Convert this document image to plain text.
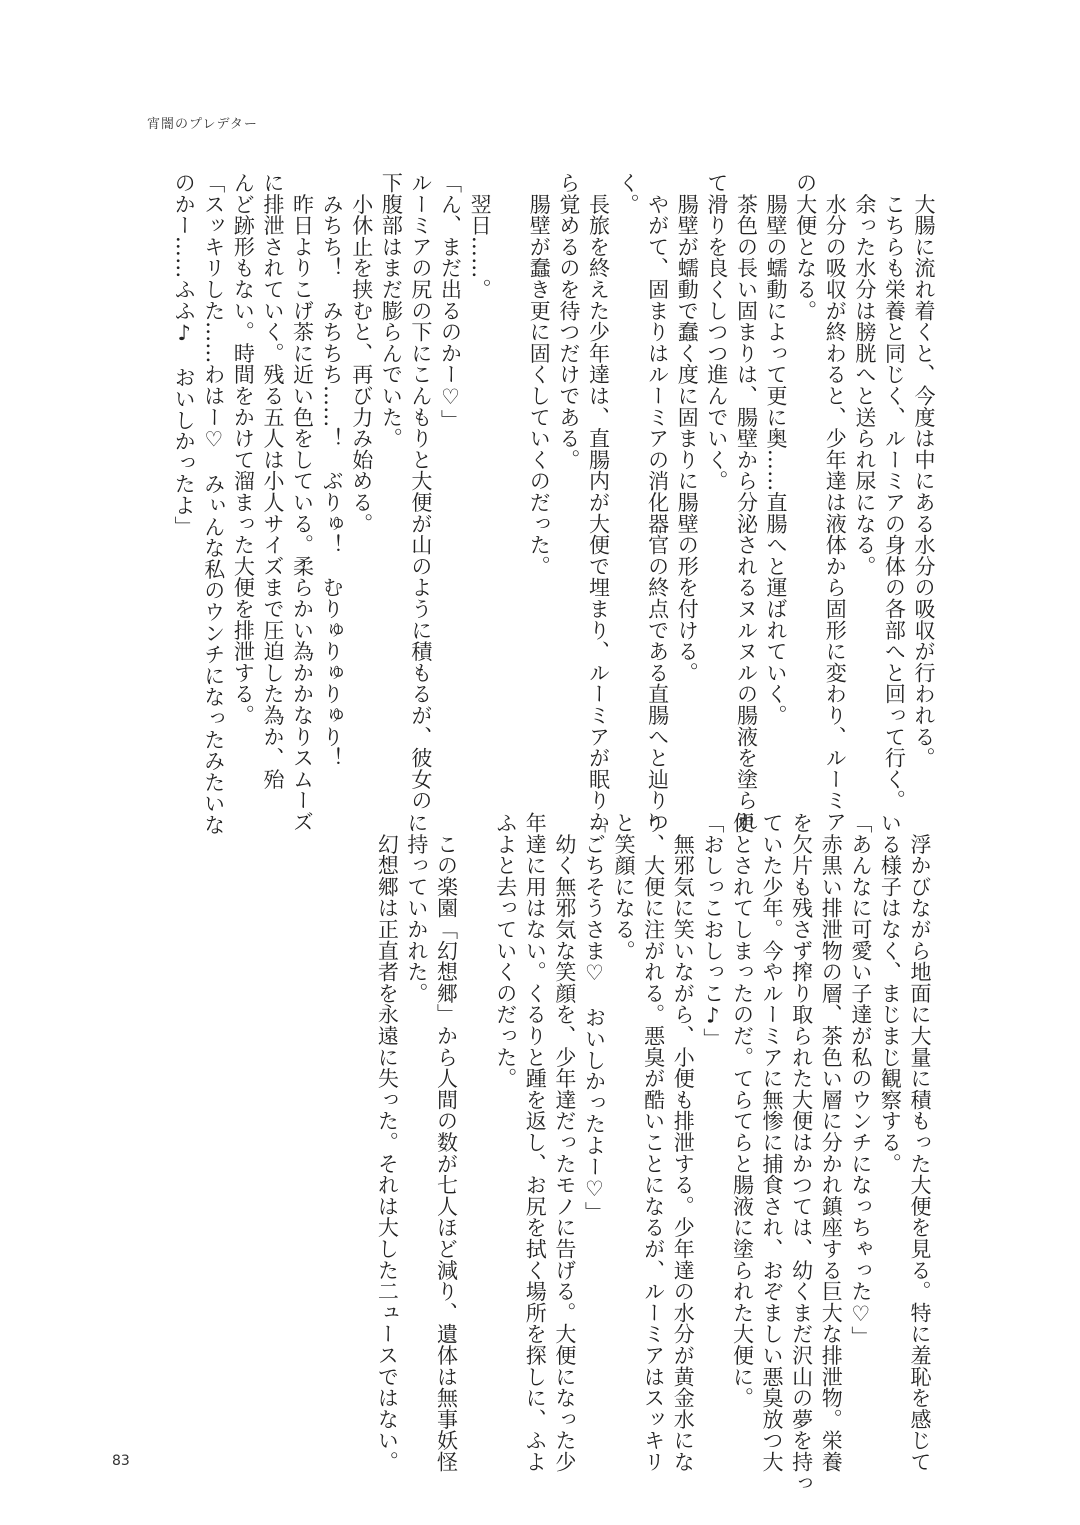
宵闇のプレデター
　大腸に流れ着くと、今度は中にある水分の吸収が行われる。
　こちらも栄養と同じく、ルーミアの身体の各部へと回って行く。
　余った水分は膀胱へと送られ尿になる。
　水分の吸収が終わると、少年達は液体から固形に変わり、ルーミア
の大便となる。
　腸壁の蠕動によって更に奥……直腸へと運ばれていく。
　茶色の長い固まりは、腸壁から分泌されるヌルヌルの腸液を塗られ
て滑りを良くしつつ進んでいく。
　腸壁が蠕動で蠢く度に固まりに腸壁の形を付ける。
　やがて、固まりはルーミアの消化器官の終点である直腸へと辿りつ
く。
　長旅を終えた少年達は、直腸内が大便で埋まり、ルーミアが眠りか
ら覚めるのを待つだけである。
　腸壁が蠢き更に固くしていくのだった。
　翌日……。
「ん、まだ出るのかー♡」
ルーミアの尻の下にこんもりと大便が山のように積もるが、彼女の
下腹部はまだ膨らんでいた。
　小休止を挟むと、再び力み始める。
　みちち！　みちちち……！　ぶりゅ！　むりゅりゅりゅり！
　昨日よりこげ茶に近い色をしている。柔らかい為かかなりスムーズ
に排泄されていく。残る五人は小人サイズまで圧迫した為か、殆
んど跡形もない。時間をかけて溜まった大便を排泄する。
「スッキリした……わはー♡　みぃんな私のウンチになったみたいな
のかー……ふふ♪　おいしかったよ」
　浮かびながら地面に大量に積もった大便を見る。特に羞恥を感じて
いる様子はなく、まじまじ観察する。
「あんなに可愛い子達が私のウンチになっちゃった♡」
　赤黒い排泄物の層、茶色い層に分かれ鎮座する巨大な排泄物。栄養
を欠片も残さず搾り取られた大便はかつては、幼くまだ沢山の夢を持っ
ていた少年。今やルーミアに無惨に捕食され、おぞましい悪臭放つ大
便とされてしまったのだ。てらてらと腸液に塗られた大便に。
「おしっこおしっこ♪」
　無邪気に笑いながら、小便も排泄する。少年達の水分が黄金水にな
り、大便に注がれる。悪臭が酷いことになるが、ルーミアはスッキリ
と笑顔になる。
「ごちそうさま♡　おいしかったよー♡」
　幼く無邪気な笑顔を、少年達だったモノに告げる。大便になった少
年達に用はない。くるりと踵を返し、お尻を拭く場所を探しに、ふよ
ふよと去っていくのだった。
　この楽園「幻想郷」から人間の数が七人ほど減り、遺体は無事妖怪
に持っていかれた。
　幻想郷は正直者を永遠に失った。それは大した二ュースではない。
83
